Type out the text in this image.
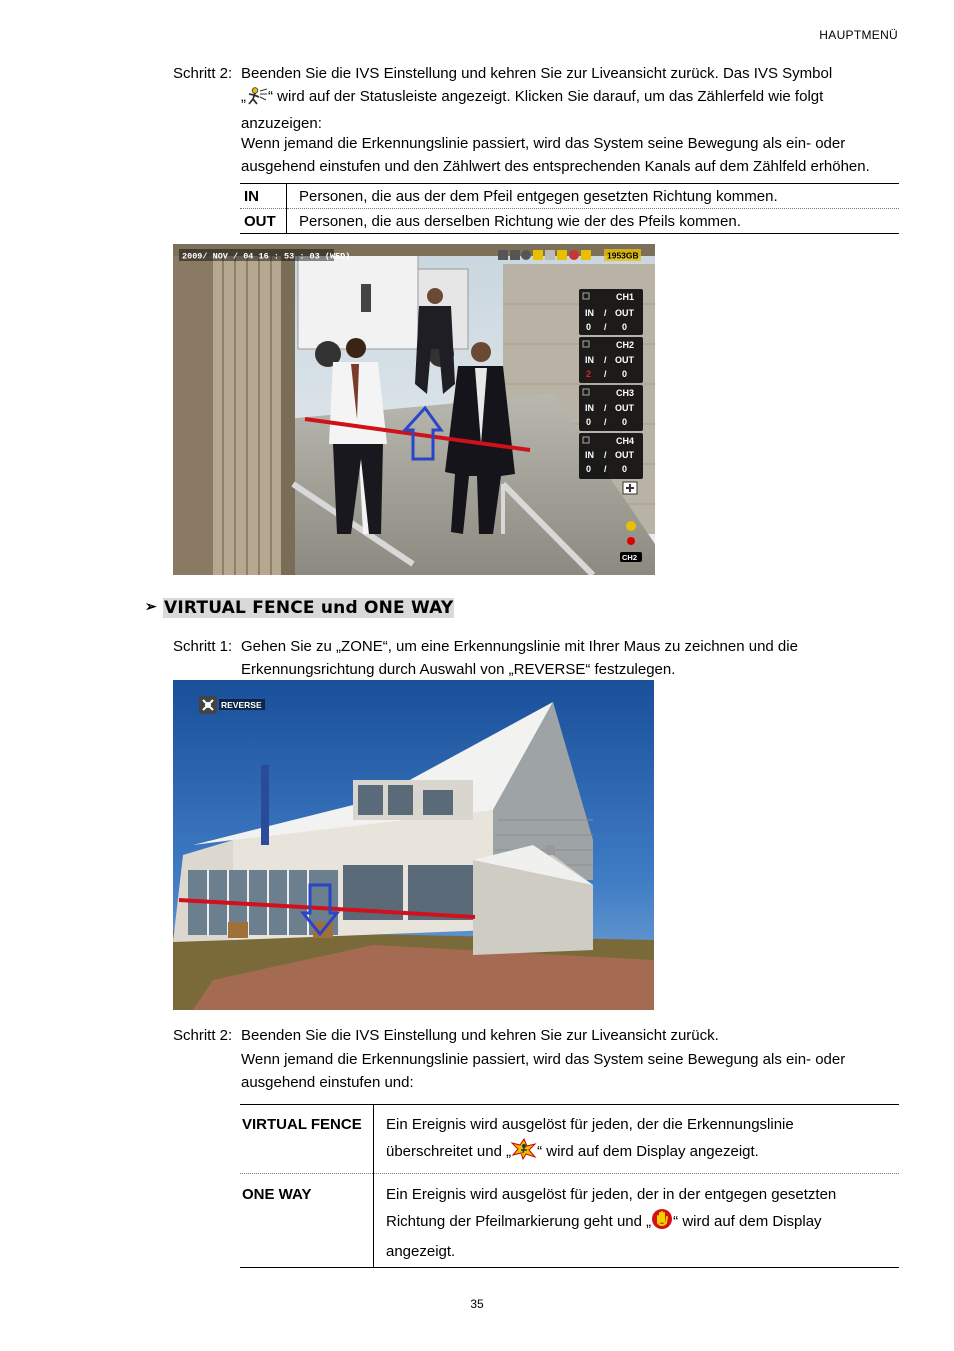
HAUPTMENÜ
Schritt 2: Beenden Sie die IVS Einstellung und kehren Sie zur Liveansicht zurück. Das IVS Symbol
„ “ wird auf der Statusleiste angezeigt. Klicken Sie darauf, um das Zählerfeld wie folgt
anzuzeigen:
Wenn jemand die Erkennungslinie passiert, wird das System seine Bewegung als ein- oder ausgehend einstufen und den Zählwert des entsprechenden Kanals auf dem Zählfeld erhöhen.
IN	Personen, die aus der dem Pfeil entgegen gesetzten Richtung kommen.
OUT	Personen, die aus derselben Richtung wie der des Pfeils kommen.
2009/ NOV / 04 16 : 53 : 03 (WED)	1953GB
CH1
IN / OUT
0 / 0
CH2
IN / OUT
2 / 0
CH3
IN / OUT
0 / 0
CH4
IN / OUT
0 / 0
CH2
➢ VIRTUAL FENCE und ONE WAY
Schritt 1: Gehen Sie zu „ZONE“, um eine Erkennungslinie mit Ihrer Maus zu zeichnen und die
Erkennungsrichtung durch Auswahl von „REVERSE“ festzulegen.
REVERSE
Schritt 2: Beenden Sie die IVS Einstellung und kehren Sie zur Liveansicht zurück.
Wenn jemand die Erkennungslinie passiert, wird das System seine Bewegung als ein- oder ausgehend einstufen und:
VIRTUAL FENCE	Ein Ereignis wird ausgelöst für jeden, der die Erkennungslinie
überschreitet und „ “ wird auf dem Display angezeigt.

ONE WAY	Ein Ereignis wird ausgelöst für jeden, der in der entgegen gesetzten
Richtung der Pfeilmarkierung geht und „ “ wird auf dem Display
angezeigt.
35
